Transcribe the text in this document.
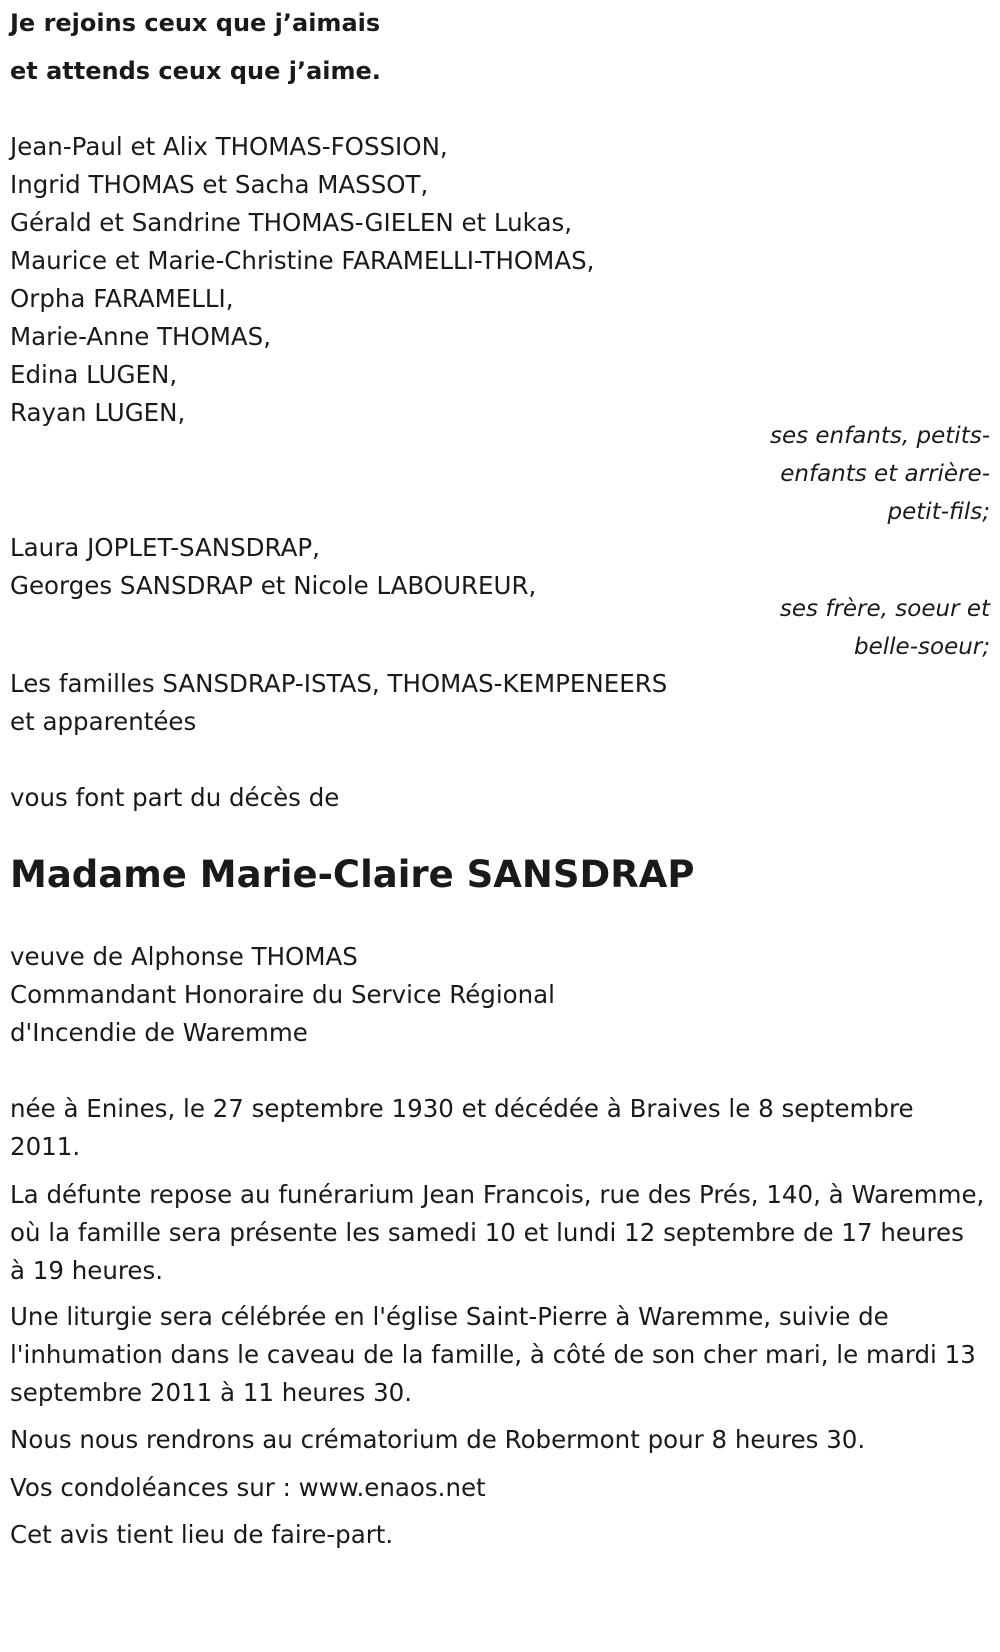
Je rejoins ceux que j’aimais
et attends ceux que j’aime.
Jean-Paul et Alix THOMAS-FOSSION,
Ingrid THOMAS et Sacha MASSOT,
Gérald et Sandrine THOMAS-GIELEN et Lukas,
Maurice et Marie-Christine FARAMELLI-THOMAS,
Orpha FARAMELLI,
Marie-Anne THOMAS,
Edina LUGEN,
Rayan LUGEN,
ses enfants, petits-
enfants et arrière-
petit-fils;
Laura JOPLET-SANSDRAP,
Georges SANSDRAP et Nicole LABOUREUR,
ses frère, soeur et
belle-soeur;
Les familles SANSDRAP-ISTAS, THOMAS-KEMPENEERS
et apparentées
vous font part du décès de
Madame Marie-Claire SANSDRAP
veuve de Alphonse THOMAS
Commandant Honoraire du Service Régional
d'Incendie de Waremme
née à Enines, le 27 septembre 1930 et décédée à Braives le 8 septembre 2011.
La défunte repose au funérarium Jean Francois, rue des Prés, 140, à Waremme, où la famille sera présente les samedi 10 et lundi 12 septembre de 17 heures à 19 heures.
Une liturgie sera célébrée en l'église Saint-Pierre à Waremme, suivie de l'inhumation dans le caveau de la famille, à côté de son cher mari, le mardi 13 septembre 2011 à 11 heures 30.
Nous nous rendrons au crématorium de Robermont pour 8 heures 30.
Vos condoléances sur : www.enaos.net
Cet avis tient lieu de faire-part.
